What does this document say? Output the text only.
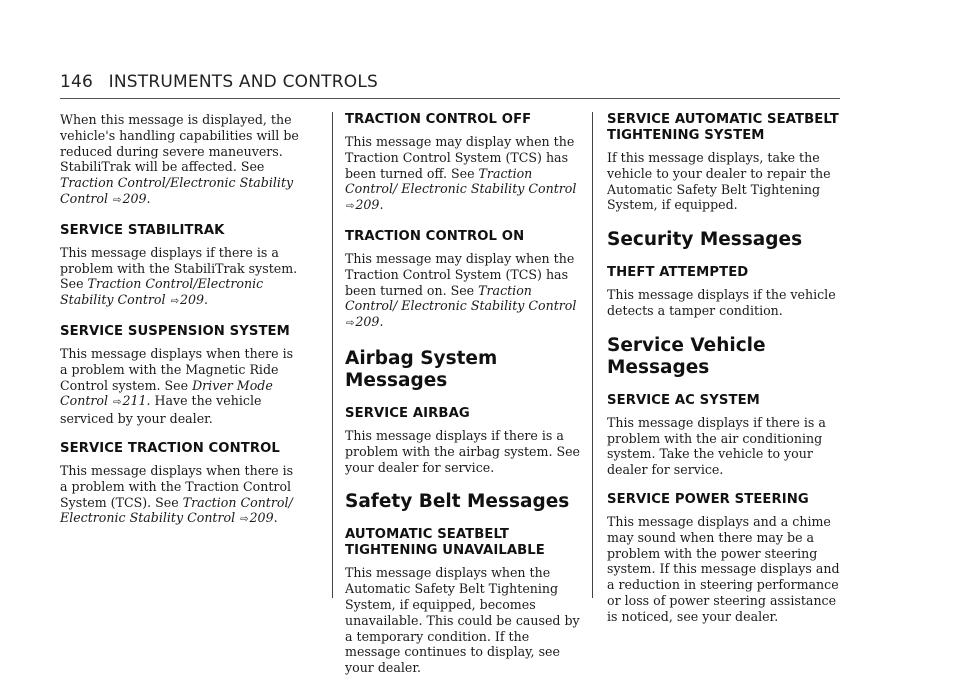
146 INSTRUMENTS AND CONTROLS

When this message is displayed, the vehicle's handling capabilities will be reduced during severe maneuvers. StabiliTrak will be affected. See Traction Control/Electronic Stability Control ⇨209.

SERVICE STABILITRAK

This message displays if there is a problem with the StabiliTrak system. See Traction Control/Electronic Stability Control ⇨209.

SERVICE SUSPENSION SYSTEM

This message displays when there is a problem with the Magnetic Ride Control system. See Driver Mode Control ⇨211. Have the vehicle serviced by your dealer.

SERVICE TRACTION CONTROL

This message displays when there is a problem with the Traction Control System (TCS). See Traction Control/ Electronic Stability Control ⇨209.

TRACTION CONTROL OFF

This message may display when the Traction Control System (TCS) has been turned off. See Traction Control/ Electronic Stability Control ⇨209.

TRACTION CONTROL ON

This message may display when the Traction Control System (TCS) has been turned on. See Traction Control/ Electronic Stability Control ⇨209.

Airbag System Messages
SERVICE AIRBAG

This message displays if there is a problem with the airbag system. See your dealer for service.

Safety Belt Messages
AUTOMATIC SEATBELT TIGHTENING UNAVAILABLE

This message displays when the Automatic Safety Belt Tightening System, if equipped, becomes unavailable. This could be caused by a temporary condition. If the message continues to display, see your dealer.

SERVICE AUTOMATIC SEATBELT TIGHTENING SYSTEM

If this message displays, take the vehicle to your dealer to repair the Automatic Safety Belt Tightening System, if equipped.

Security Messages
THEFT ATTEMPTED

This message displays if the vehicle detects a tamper condition.

Service Vehicle Messages
SERVICE AC SYSTEM

This message displays if there is a problem with the air conditioning system. Take the vehicle to your dealer for service.

SERVICE POWER STEERING

This message displays and a chime may sound when there may be a problem with the power steering system. If this message displays and a reduction in steering performance or loss of power steering assistance is noticed, see your dealer.
